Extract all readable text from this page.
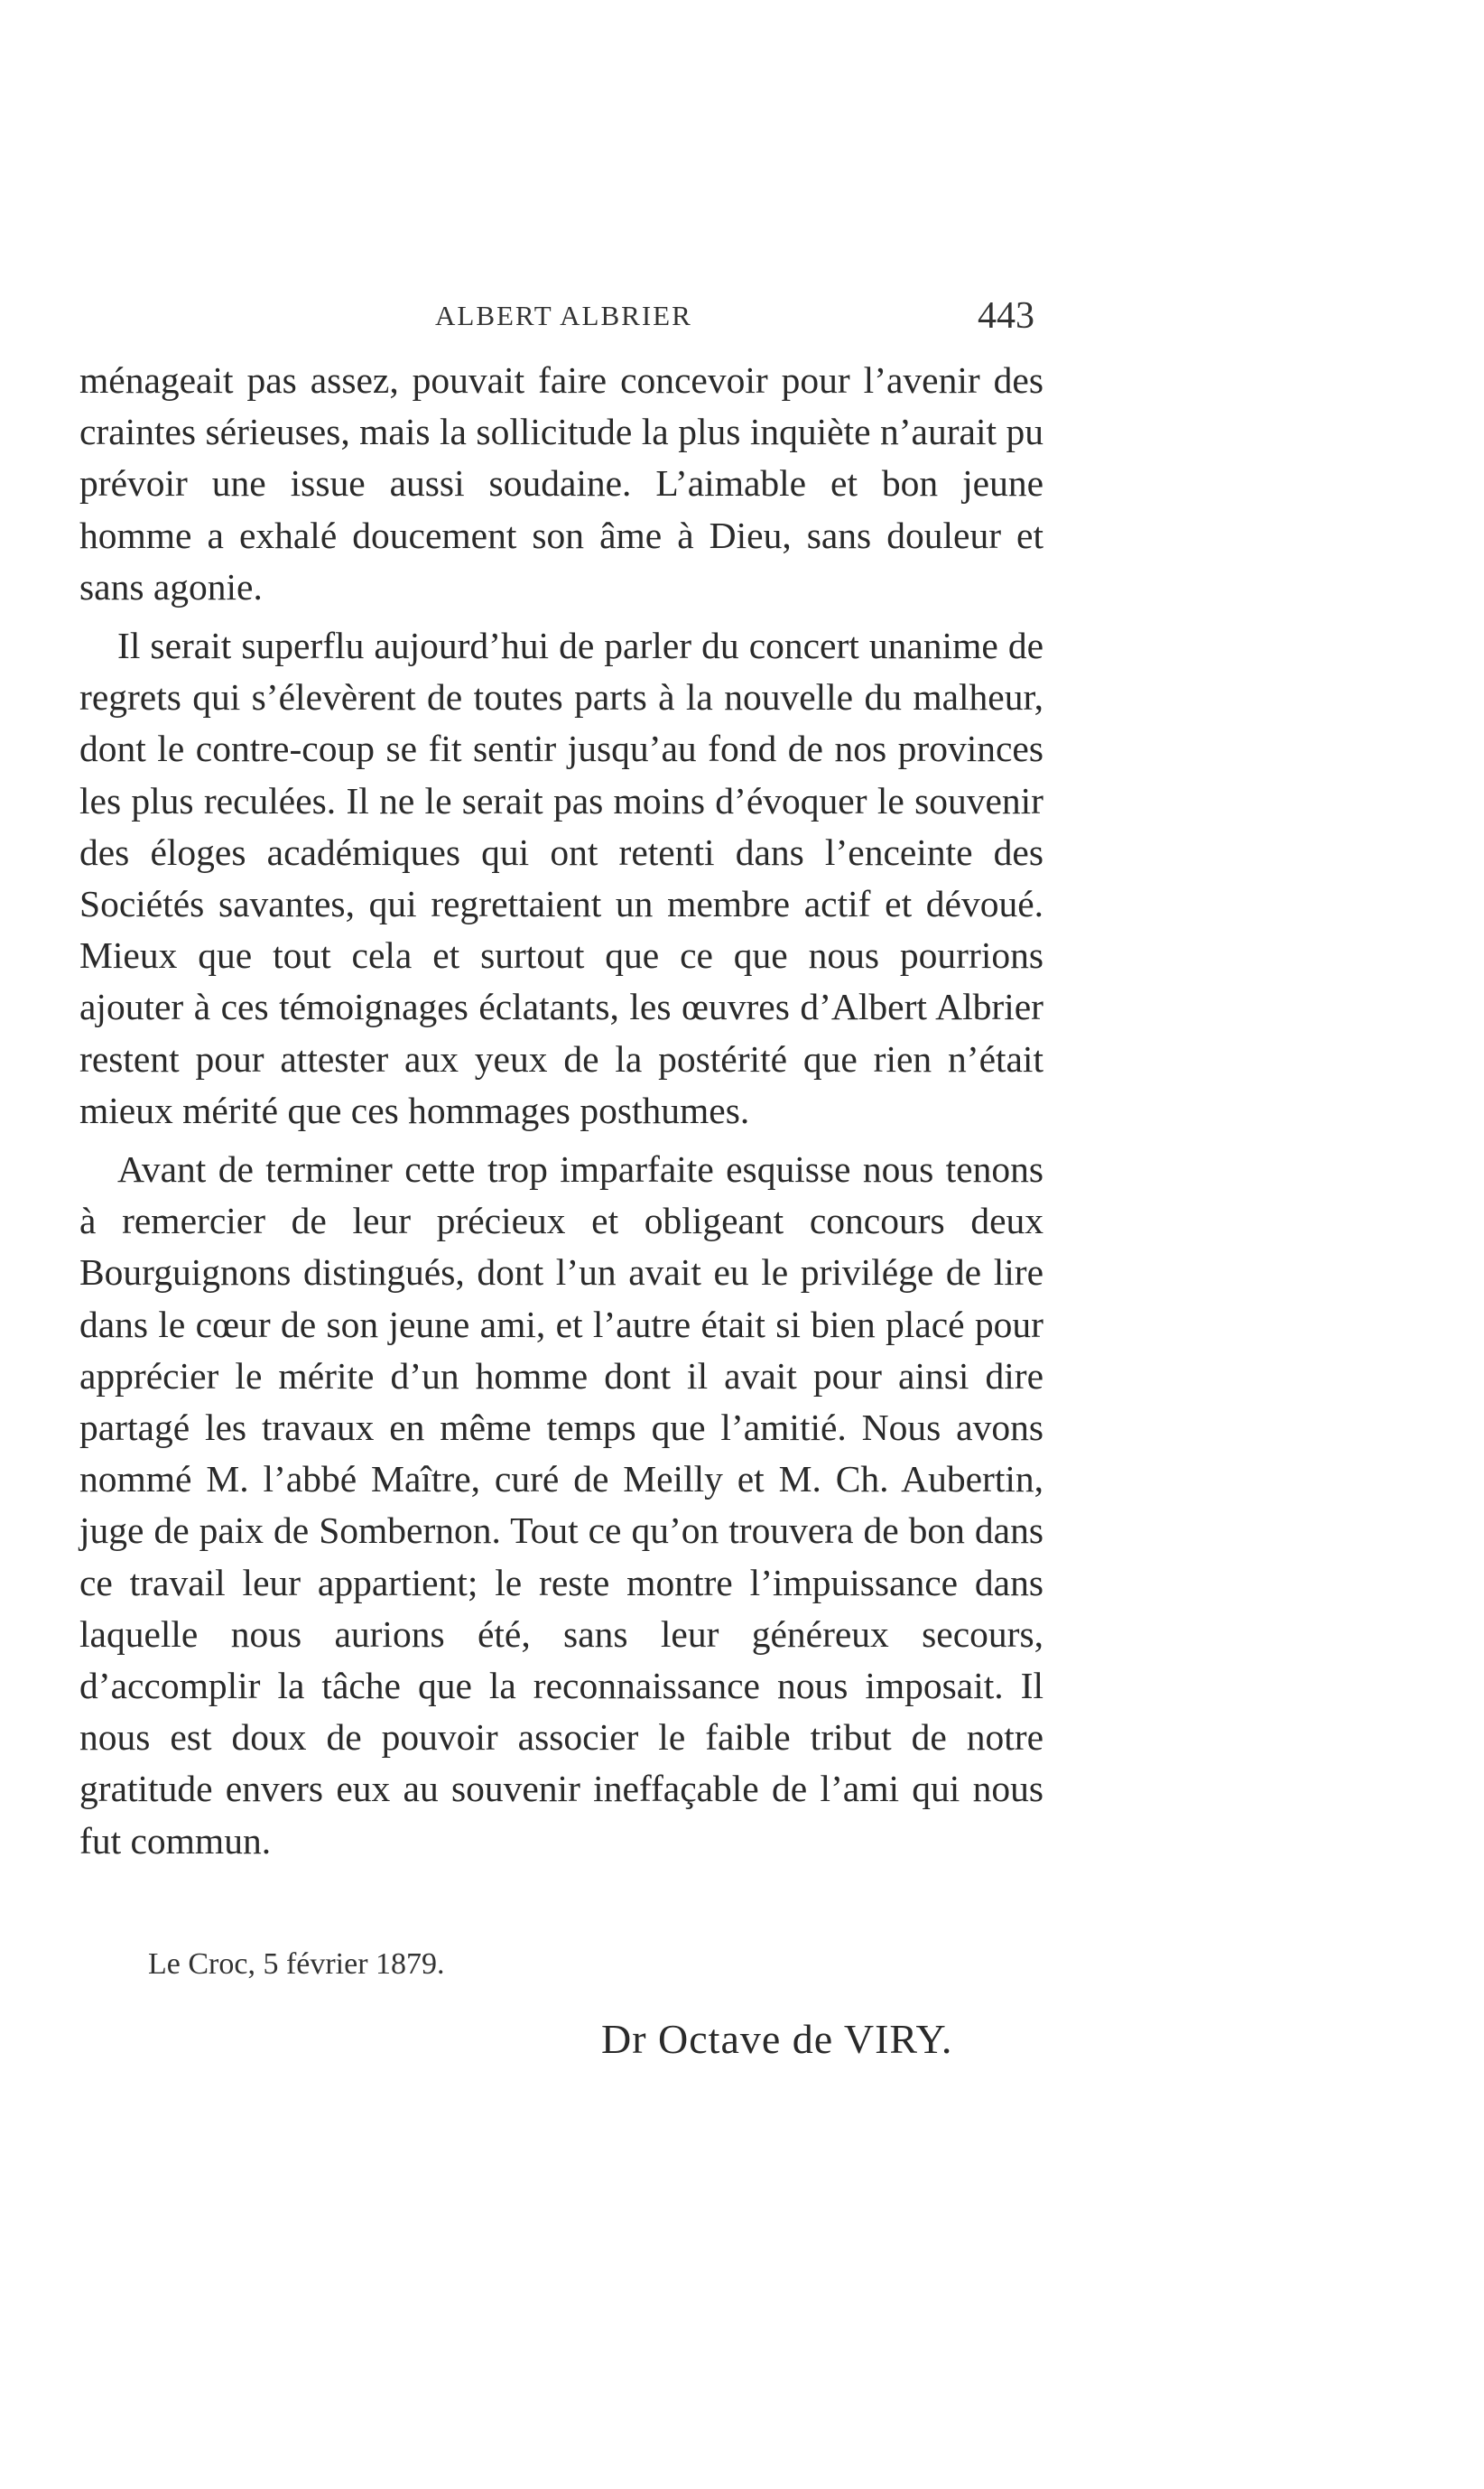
ALBERT ALBRIER	443

ménageait pas assez, pouvait faire concevoir pour l’avenir des craintes sérieuses, mais la sollicitude la plus inquiète n’aurait pu prévoir une issue aussi soudaine. L’aimable et bon jeune homme a exhalé doucement son âme à Dieu, sans douleur et sans agonie.

Il serait superflu aujourd’hui de parler du concert unanime de regrets qui s’élevèrent de toutes parts à la nouvelle du malheur, dont le contre-coup se fit sentir jusqu’au fond de nos provinces les plus reculées. Il ne le serait pas moins d’évoquer le souvenir des éloges académiques qui ont retenti dans l’enceinte des Sociétés savantes, qui regrettaient un membre actif et dévoué. Mieux que tout cela et surtout que ce que nous pourrions ajouter à ces témoignages éclatants, les œuvres d’Albert Albrier restent pour attester aux yeux de la postérité que rien n’était mieux mérité que ces hommages posthumes.

Avant de terminer cette trop imparfaite esquisse nous tenons à remercier de leur précieux et obligeant concours deux Bourguignons distingués, dont l’un avait eu le privilége de lire dans le cœur de son jeune ami, et l’autre était si bien placé pour apprécier le mérite d’un homme dont il avait pour ainsi dire partagé les travaux en même temps que l’amitié. Nous avons nommé M. l’abbé Maître, curé de Meilly et M. Ch. Aubertin, juge de paix de Sombernon. Tout ce qu’on trouvera de bon dans ce travail leur appartient; le reste montre l’impuissance dans laquelle nous aurions été, sans leur généreux secours, d’accomplir la tâche que la reconnaissance nous imposait. Il nous est doux de pouvoir associer le faible tribut de notre gratitude envers eux au souvenir ineffaçable de l’ami qui nous fut commun.

Le Croc, 5 février 1879.
Dr Octave de VIRY.
